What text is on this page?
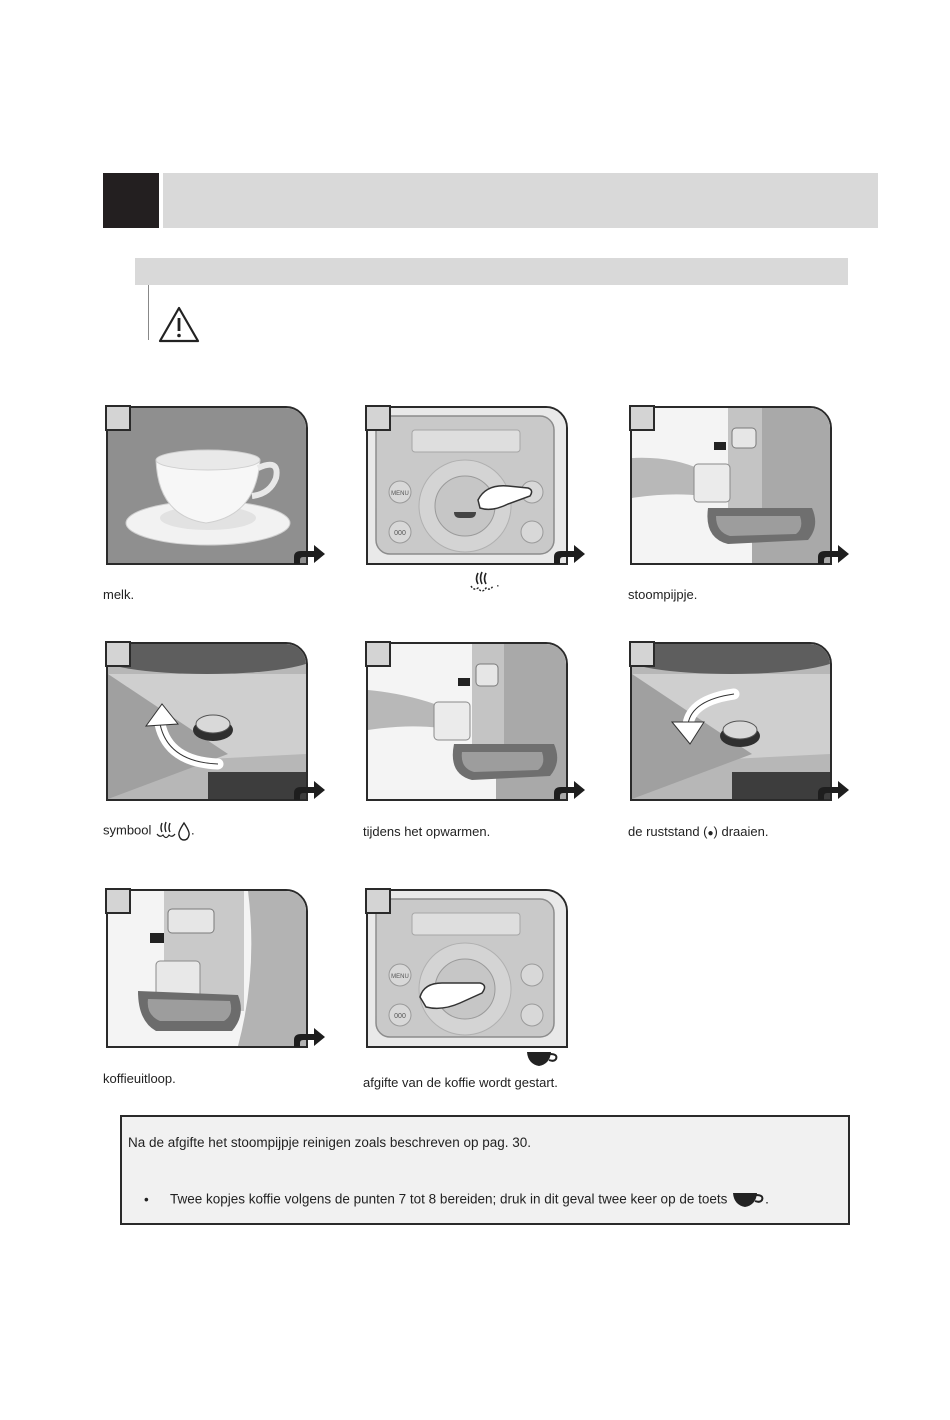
melk.
MENU
000
.
stoompijpje.
symbool	.	tijdens het opwarmen.	de ruststand (●) draaien.
koffieuitloop.
MENU
000
afgifte van de koffie wordt gestart.
Na de afgifte het stoompijpje reinigen zoals beschreven op pag. 30.
• Twee kopjes koffie volgens de punten 7 tot 8 bereiden; druk in dit geval twee keer op de toets	.
